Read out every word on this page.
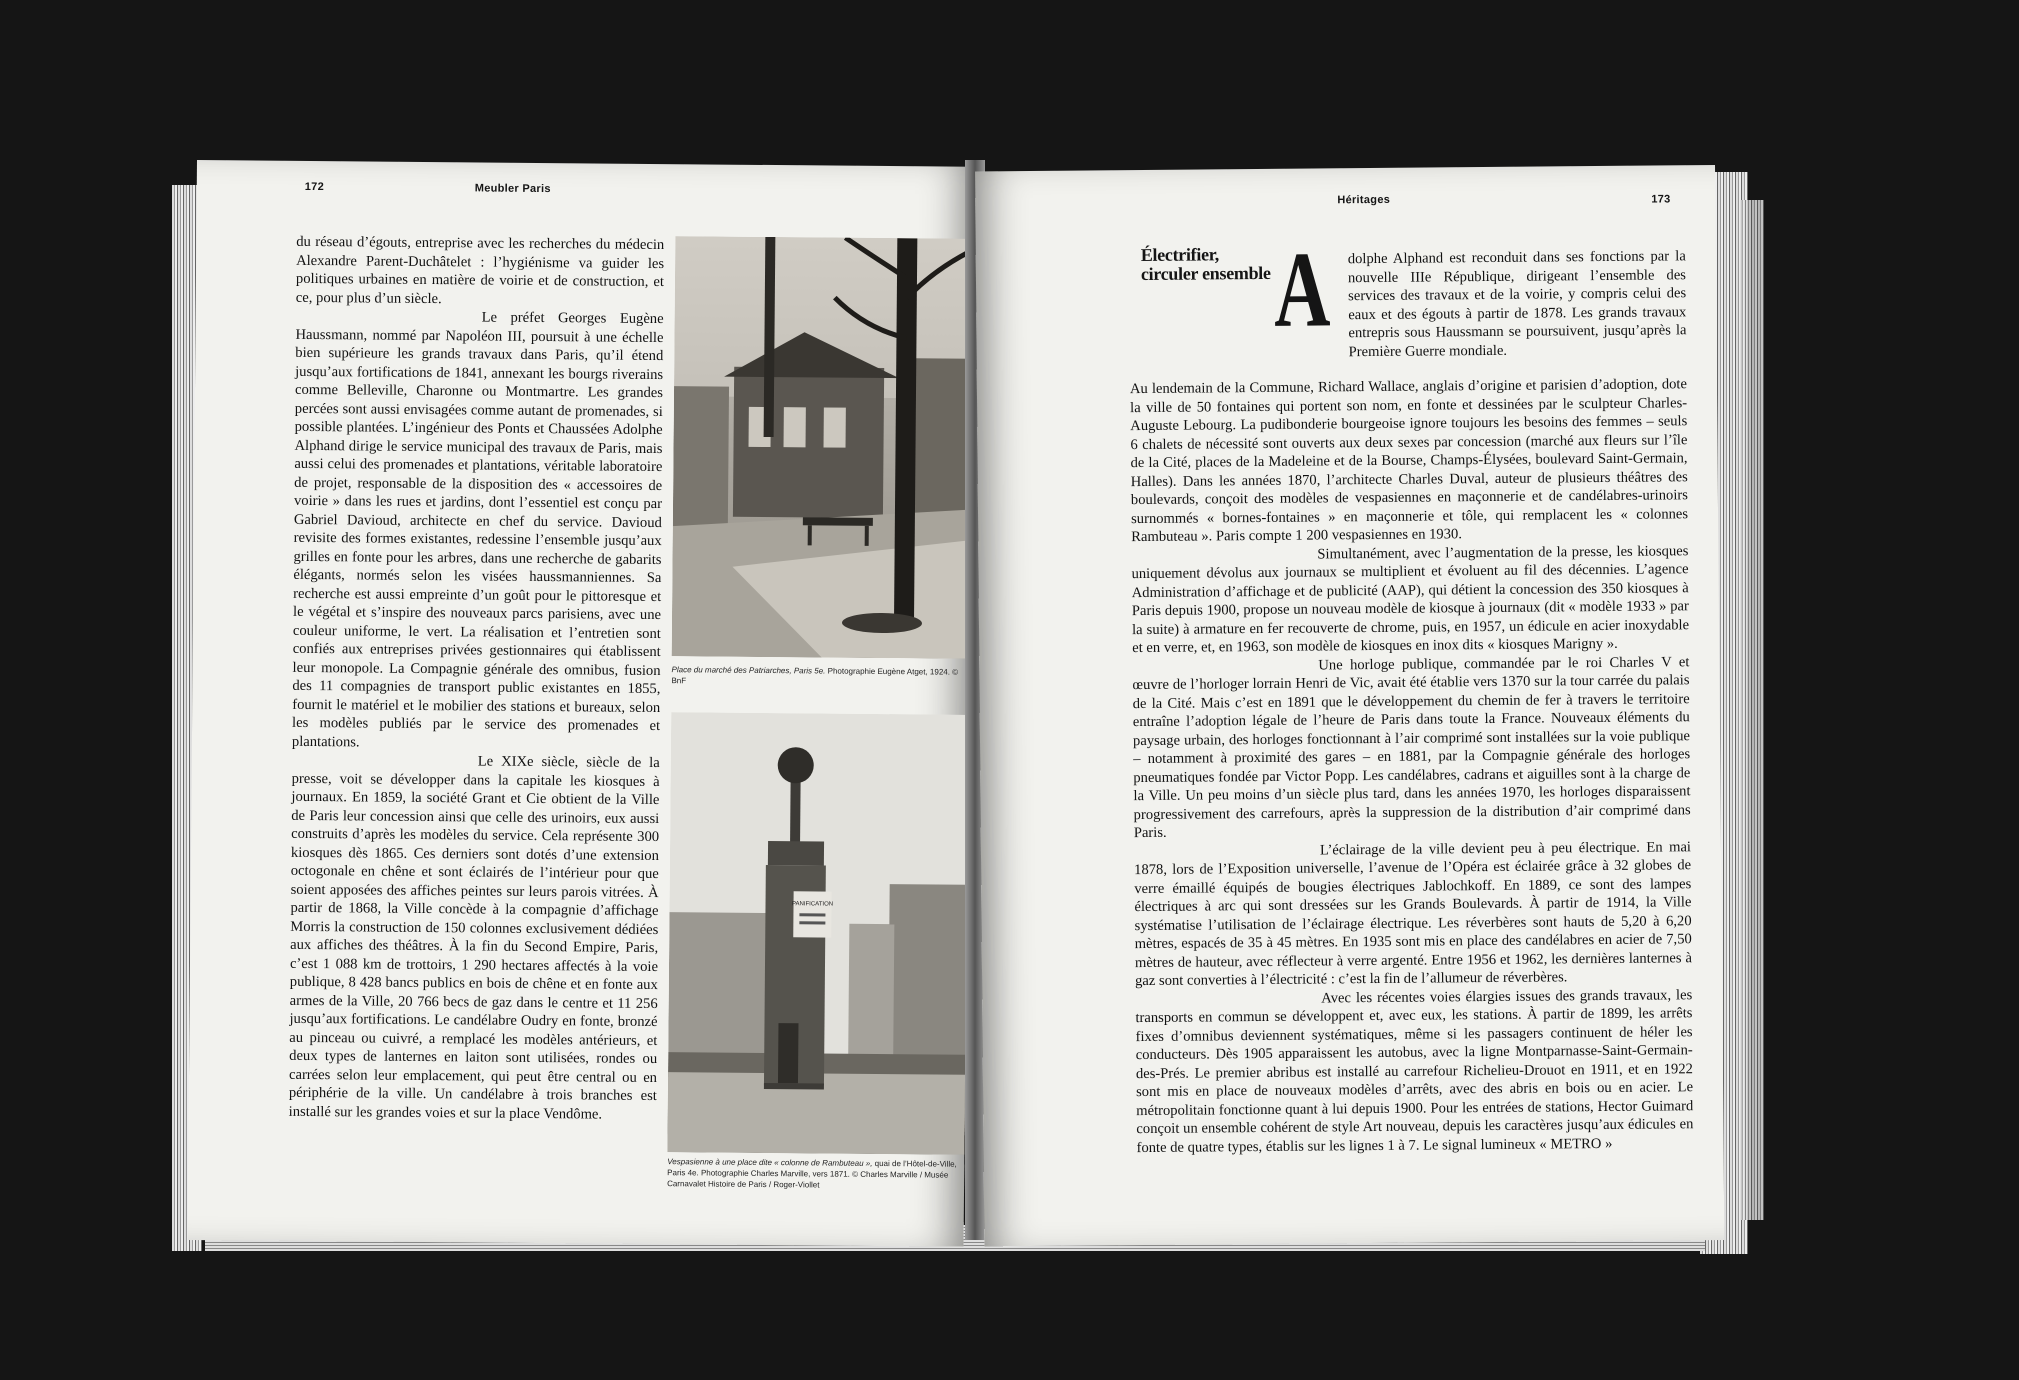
172	Meubler Paris

du réseau d’égouts, entreprise avec les recherches du médecin Alexandre Parent-Duchâtelet : l’hygiénisme va guider les politiques urbaines en matière de voirie et de construction, et ce, pour plus d’un siècle.

Le préfet Georges Eugène Haussmann, nommé par Napoléon III, poursuit à une échelle bien supérieure les grands travaux dans Paris, qu’il étend jusqu’aux fortifications de 1841, annexant les bourgs riverains comme Belleville, Charonne ou Montmartre. Les grandes percées sont aussi envisagées comme autant de promenades, si possible plantées. L’ingénieur des Ponts et Chaussées Adolphe Alphand dirige le service municipal des travaux de Paris, mais aussi celui des promenades et plantations, véritable laboratoire de projet, responsable de la disposition des « accessoires de voirie » dans les rues et jardins, dont l’essentiel est conçu par Gabriel Davioud, architecte en chef du service. Davioud revisite des formes existantes, redessine l’ensemble jusqu’aux grilles en fonte pour les arbres, dans une recherche de gabarits élégants, normés selon les visées haussmanniennes. Sa recherche est aussi empreinte d’un goût pour le pittoresque et le végétal et s’inspire des nouveaux parcs parisiens, avec une couleur uniforme, le vert. La réalisation et l’entretien sont confiés aux entreprises privées gestionnaires qui établissent leur monopole. La Compagnie générale des omnibus, fusion des 11 compagnies de transport public existantes en 1855, fournit le matériel et le mobilier des stations et bureaux, selon les modèles publiés par le service des promenades et plantations.

Le XIXe siècle, siècle de la presse, voit se développer dans la capitale les kiosques à journaux. En 1859, la société Grant et Cie obtient de la Ville de Paris leur concession ainsi que celle des urinoirs, eux aussi construits d’après les modèles du service. Cela représente 300 kiosques dès 1865. Ces derniers sont dotés d’une extension octogonale en chêne et sont éclairés de l’intérieur pour que soient apposées des affiches peintes sur leurs parois vitrées. À partir de 1868, la Ville concède à la compagnie d’affichage Morris la construction de 150 colonnes exclusivement dédiées aux affiches des théâtres. À la fin du Second Empire, Paris, c’est 1 088 km de trottoirs, 1 290 hectares affectés à la voie publique, 8 428 bancs publics en bois de chêne et en fonte aux armes de la Ville, 20 766 becs de gaz dans le centre et 11 256 jusqu’aux fortifications. Le candélabre Oudry en fonte, bronzé au pinceau ou cuivré, a remplacé les modèles antérieurs, et deux types de lanternes en laiton sont utilisées, rondes ou carrées selon leur emplacement, qui peut être central ou en périphérie de la ville. Un candélabre à trois branches est installé sur les grandes voies et sur la place Vendôme.

Place du marché des Patriarches, Paris 5e. Photographie Eugène Atget, 1924. © BnF
PANIFICATION
Vespasienne à une place dite « colonne de Rambuteau », quai de l’Hôtel-de-Ville, Paris 4e. Photographie Charles Marville, vers 1871. © Charles Marville / Musée Carnavalet Histoire de Paris / Roger-Viollet
Héritages	173
Électrifier, circuler ensemble A dolphe Alphand est reconduit dans ses fonctions par la nouvelle IIIe République, dirigeant l’ensemble des services des travaux et de la voirie, y compris celui des eaux et des égouts à partir de 1878. Les grands travaux entrepris sous Haussmann se poursuivent, jusqu’après la Première Guerre mondiale.

Au lendemain de la Commune, Richard Wallace, anglais d’origine et parisien d’adoption, dote la ville de 50 fontaines qui portent son nom, en fonte et dessinées par le sculpteur Charles-Auguste Lebourg. La pudibonderie bourgeoise ignore toujours les besoins des femmes – seuls 6 chalets de nécessité sont ouverts aux deux sexes par concession (marché aux fleurs sur l’île de la Cité, places de la Madeleine et de la Bourse, Champs-Élysées, boulevard Saint-Germain, Halles). Dans les années 1870, l’architecte Charles Duval, auteur de plusieurs théâtres des boulevards, conçoit des modèles de vespasiennes en maçonnerie et de candélabres-urinoirs surnommés « bornes-fontaines » en maçonnerie et tôle, qui remplacent les « colonnes Rambuteau ». Paris compte 1 200 vespasiennes en 1930.

Simultanément, avec l’augmentation de la presse, les kiosques uniquement dévolus aux journaux se multiplient et évoluent au fil des décennies. L’agence Administration d’affichage et de publicité (AAP), qui détient la concession des 350 kiosques à Paris depuis 1900, propose un nouveau modèle de kiosque à journaux (dit « modèle 1933 » par la suite) à armature en fer recouverte de chrome, puis, en 1957, un édicule en acier inoxydable et en verre, et, en 1963, son modèle de kiosques en inox dits « kiosques Marigny ».

Une horloge publique, commandée par le roi Charles V et œuvre de l’horloger lorrain Henri de Vic, avait été établie vers 1370 sur la tour carrée du palais de la Cité. Mais c’est en 1891 que le développement du chemin de fer à travers le territoire entraîne l’adoption légale de l’heure de Paris dans toute la France. Nouveaux éléments du paysage urbain, des horloges fonctionnant à l’air comprimé sont installées sur la voie publique – notamment à proximité des gares – en 1881, par la Compagnie générale des horloges pneumatiques fondée par Victor Popp. Les candélabres, cadrans et aiguilles sont à la charge de la Ville. Un peu moins d’un siècle plus tard, dans les années 1970, les horloges disparaissent progressivement des carrefours, après la suppression de la distribution d’air comprimé dans Paris.

L’éclairage de la ville devient peu à peu électrique. En mai 1878, lors de l’Exposition universelle, l’avenue de l’Opéra est éclairée grâce à 32 globes de verre émaillé équipés de bougies électriques Jablochkoff. En 1889, ce sont des lampes électriques à arc qui sont dressées sur les Grands Boulevards. À partir de 1914, la Ville systématise l’utilisation de l’éclairage électrique. Les réverbères sont hauts de 5,20 à 6,20 mètres, espacés de 35 à 45 mètres. En 1935 sont mis en place des candélabres en acier de 7,50 mètres de hauteur, avec réflecteur à verre argenté. Entre 1956 et 1962, les dernières lanternes à gaz sont converties à l’électricité : c’est la fin de l’allumeur de réverbères.

Avec les récentes voies élargies issues des grands travaux, les transports en commun se développent et, avec eux, les stations. À partir de 1899, les arrêts fixes d’omnibus deviennent systématiques, même si les passagers continuent de héler les conducteurs. Dès 1905 apparaissent les autobus, avec la ligne Montparnasse-Saint-Germain-des-Prés. Le premier abribus est installé au carrefour Richelieu-Drouot en 1911, et en 1922 sont mis en place de nouveaux modèles d’arrêts, avec des abris en bois ou en acier. Le métropolitain fonctionne quant à lui depuis 1900. Pour les entrées de stations, Hector Guimard conçoit un ensemble cohérent de style Art nouveau, depuis les caractères jusqu’aux édicules en fonte de quatre types, établis sur les lignes 1 à 7. Le signal lumineux « METRO »
